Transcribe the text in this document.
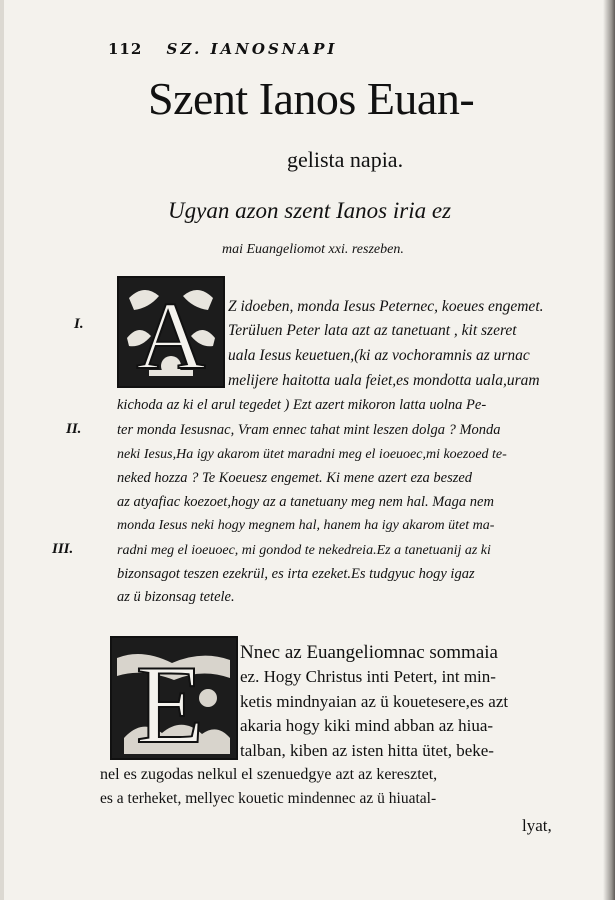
112 SZ. IANOSNAPI
Szent Ianos Euan-
gelista napia.
Ugyan azon szent Ianos iria ez
mai Euangeliomot xxi. reszeben.
A
I.
II.
III.
Z idoeben, monda Iesus Peternec, koeues engemet.
Terüluen Peter lata azt az tanetuant , kit szeret
uala Iesus keuetuen,(ki az vochoramnis az urnac
melijere haitotta uala feiet,es mondotta uala,uram
kichoda az ki el arul tegedet ) Ezt azert mikoron latta uolna Pe-
ter monda Iesusnac, Vram ennec tahat mint leszen dolga ? Monda
neki Iesus,Ha igy akarom ütet maradni meg el ioeuoec,mi koezoed te-
neked hozza ? Te Koeuesz engemet. Ki mene azert eza beszed
az atyafiac koezoet,hogy az a tanetuany meg nem hal. Maga nem
monda Iesus neki hogy megnem hal, hanem ha igy akarom ütet ma-
radni meg el ioeuoec, mi gondod te nekedreia.Ez a tanetuanij az ki
bizonsagot teszen ezekrül, es irta ezeket.Es tudgyuc hogy igaz
az ü bizonsag tetele.
E Nnec az Euangeliomnac sommaia
ez. Hogy Christus inti Petert, int min-
ketis mindnyaian az ü kouetesere,es azt
akaria hogy kiki mind abban az hiua-
talban, kiben az isten hitta ütet, beke-
nel es zugodas nelkul el szenuedgye azt az keresztet,
es a terheket, mellyec kouetic mindennec az ü hiuatal-
lyat,
